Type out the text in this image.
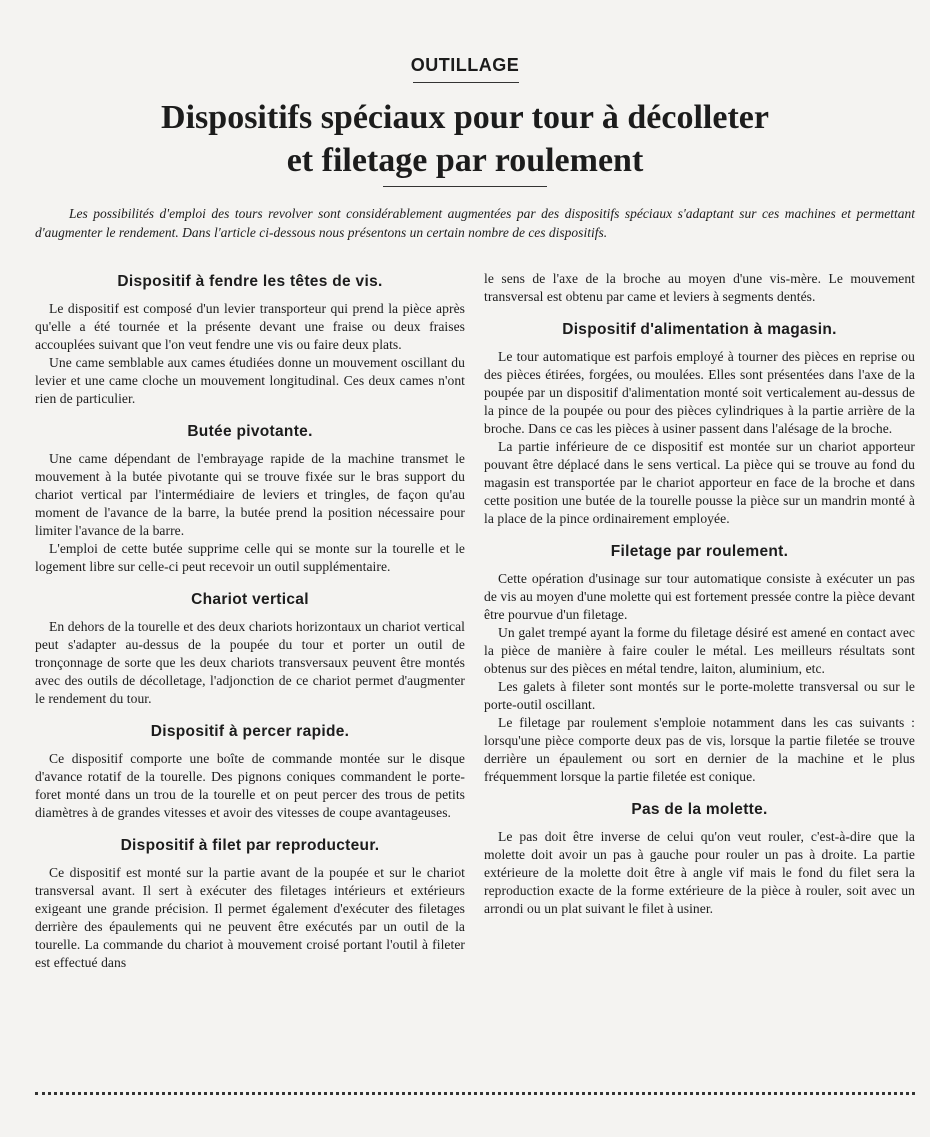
OUTILLAGE
Dispositifs spéciaux pour tour à décolleter
et filetage par roulement

Les possibilités d'emploi des tours revolver sont considérablement augmentées par des dispositifs spéciaux s'adaptant sur ces machines et permettant d'augmenter le rendement. Dans l'article ci-dessous nous présentons un certain nombre de ces dispositifs.

Dispositif à fendre les têtes de vis.

Le dispositif est composé d'un levier transporteur qui prend la pièce après qu'elle a été tournée et la présente devant une fraise ou deux fraises accouplées suivant que l'on veut fendre une vis ou faire deux plats.

Une came semblable aux cames étudiées donne un mouvement oscillant du levier et une came cloche un mouvement longitudinal. Ces deux cames n'ont rien de particulier.

Butée pivotante.

Une came dépendant de l'embrayage rapide de la machine transmet le mouvement à la butée pivotante qui se trouve fixée sur le bras support du chariot vertical par l'intermédiaire de leviers et tringles, de façon qu'au moment de l'avance de la barre, la butée prend la position nécessaire pour limiter l'avance de la barre.

L'emploi de cette butée supprime celle qui se monte sur la tourelle et le logement libre sur celle-ci peut recevoir un outil supplémentaire.

Chariot vertical

En dehors de la tourelle et des deux chariots horizontaux un chariot vertical peut s'adapter au-dessus de la poupée du tour et porter un outil de tronçonnage de sorte que les deux chariots transversaux peuvent être montés avec des outils de décolletage, l'adjonction de ce chariot permet d'augmenter le rendement du tour.

Dispositif à percer rapide.

Ce dispositif comporte une boîte de commande montée sur le disque d'avance rotatif de la tourelle. Des pignons coniques commandent le porte-foret monté dans un trou de la tourelle et on peut percer des trous de petits diamètres à de grandes vitesses et avoir des vitesses de coupe avantageuses.

Dispositif à filet par reproducteur.

Ce dispositif est monté sur la partie avant de la poupée et sur le chariot transversal avant. Il sert à exécuter des filetages intérieurs et extérieurs exigeant une grande précision. Il permet également d'exécuter des filetages derrière des épaulements qui ne peuvent être exécutés par un outil de la tourelle. La commande du chariot à mouvement croisé portant l'outil à fileter est effectué dans

le sens de l'axe de la broche au moyen d'une vis-mère. Le mouvement transversal est obtenu par came et leviers à segments dentés.

Dispositif d'alimentation à magasin.

Le tour automatique est parfois employé à tourner des pièces en reprise ou des pièces étirées, forgées, ou moulées. Elles sont présentées dans l'axe de la poupée par un dispositif d'alimentation monté soit verticalement au-dessus de la pince de la poupée ou pour des pièces cylindriques à la partie arrière de la broche. Dans ce cas les pièces à usiner passent dans l'alésage de la broche.

La partie inférieure de ce dispositif est montée sur un chariot apporteur pouvant être déplacé dans le sens vertical. La pièce qui se trouve au fond du magasin est transportée par le chariot apporteur en face de la broche et dans cette position une butée de la tourelle pousse la pièce sur un mandrin monté à la place de la pince ordinairement employée.

Filetage par roulement.

Cette opération d'usinage sur tour automatique consiste à exécuter un pas de vis au moyen d'une molette qui est fortement pressée contre la pièce devant être pourvue d'un filetage.

Un galet trempé ayant la forme du filetage désiré est amené en contact avec la pièce de manière à faire couler le métal. Les meilleurs résultats sont obtenus sur des pièces en métal tendre, laiton, aluminium, etc.

Les galets à fileter sont montés sur le porte-molette transversal ou sur le porte-outil oscillant.

Le filetage par roulement s'emploie notamment dans les cas suivants : lorsqu'une pièce comporte deux pas de vis, lorsque la partie filetée se trouve derrière un épaulement ou sort en dernier de la machine et le plus fréquemment lorsque la partie filetée est conique.

Pas de la molette.

Le pas doit être inverse de celui qu'on veut rouler, c'est-à-dire que la molette doit avoir un pas à gauche pour rouler un pas à droite. La partie extérieure de la molette doit être à angle vif mais le fond du filet sera la reproduction exacte de la forme extérieure de la pièce à rouler, soit avec un arrondi ou un plat suivant le filet à usiner.
